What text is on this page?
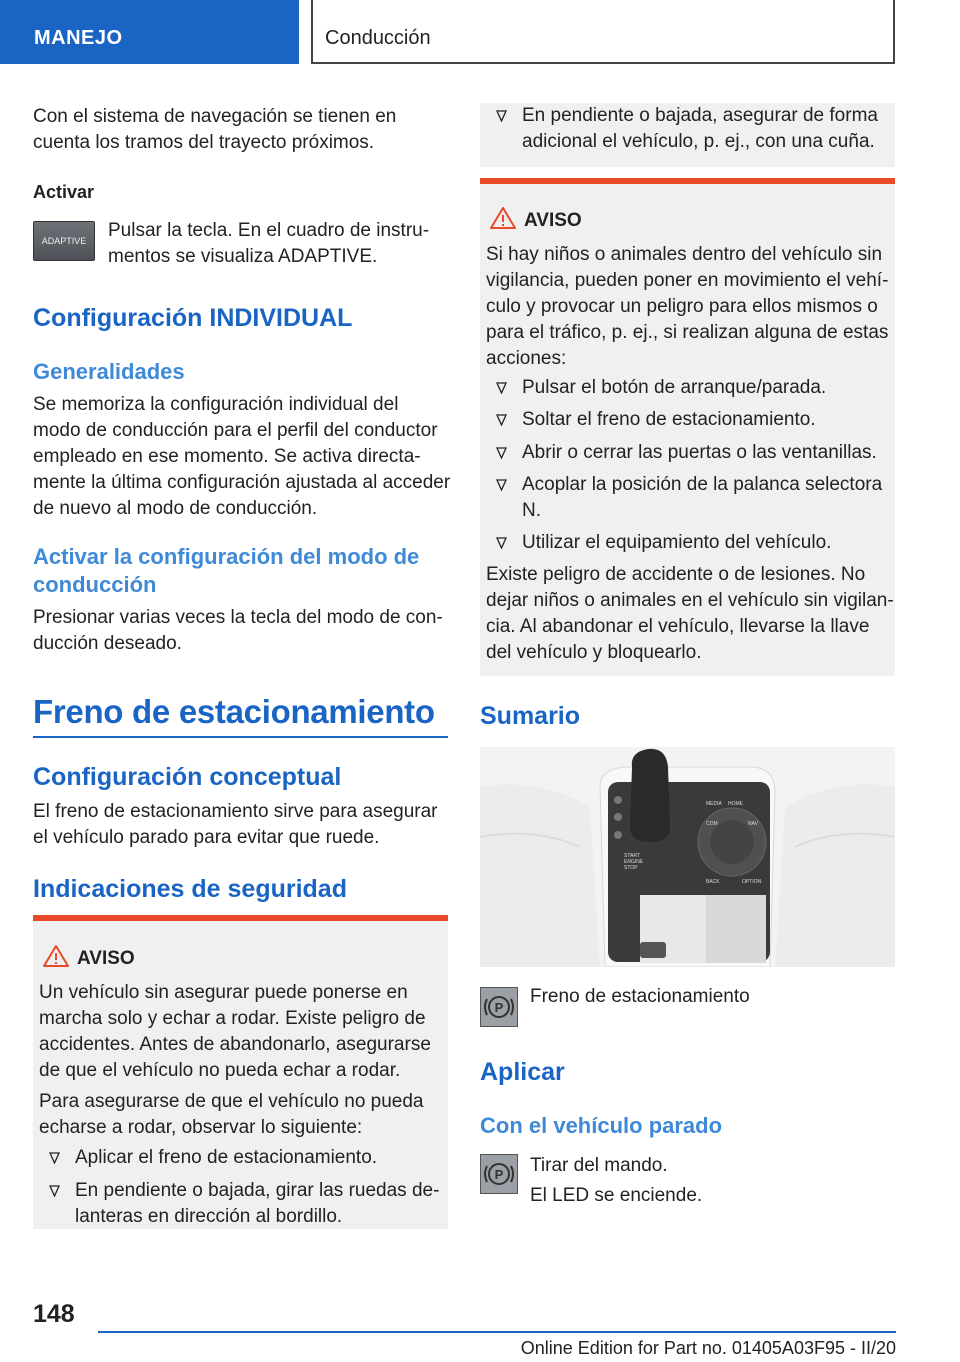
MANEJO	Conducción
Con el sistema de navegación se tienen en
cuenta los tramos del trayecto próximos.
Activar
ADAPTIVE	Pulsar la tecla. En el cuadro de instru-
mentos se visualiza ADAPTIVE.
Configuración INDIVIDUAL
Generalidades
Se memoriza la configuración individual del
modo de conducción para el perfil del conductor
empleado en ese momento. Se activa directa-
mente la última configuración ajustada al acceder
de nuevo al modo de conducción.
Activar la configuración del modo de
conducción
Presionar varias veces la tecla del modo de con-
ducción deseado.
Freno de estacionamiento
Configuración conceptual
El freno de estacionamiento sirve para asegurar
el vehículo parado para evitar que ruede.
Indicaciones de seguridad
AVISO
Un vehículo sin asegurar puede ponerse en
marcha solo y echar a rodar. Existe peligro de
accidentes. Antes de abandonarlo, asegurarse
de que el vehículo no pueda echar a rodar.
Para asegurarse de que el vehículo no pueda
echarse a rodar, observar lo siguiente:
Aplicar el freno de estacionamiento.
En pendiente o bajada, girar las ruedas de-
lanteras en dirección al bordillo.
En pendiente o bajada, asegurar de forma
adicional el vehículo, p. ej., con una cuña.
AVISO
Si hay niños o animales dentro del vehículo sin
vigilancia, pueden poner en movimiento el vehí-
culo y provocar un peligro para ellos mismos o
para el tráfico, p. ej., si realizan alguna de estas
acciones:
Pulsar el botón de arranque/parada.
Soltar el freno de estacionamiento.
Abrir o cerrar las puertas o las ventanillas.
Acoplar la posición de la palanca selectora
N.
Utilizar el equipamiento del vehículo.
Existe peligro de accidente o de lesiones. No
dejar niños o animales en el vehículo sin vigilan-
cia. Al abandonar el vehículo, llevarse la llave
del vehículo y bloquearlo.
Sumario
START
ENGINE
STOP
MEDIA HOME
COM	NAV
BACK	OPTION
P
Freno de estacionamiento
Aplicar
Con el vehículo parado
P Tirar del mando.
El LED se enciende.
148
Online Edition for Part no. 01405A03F95 - II/20
